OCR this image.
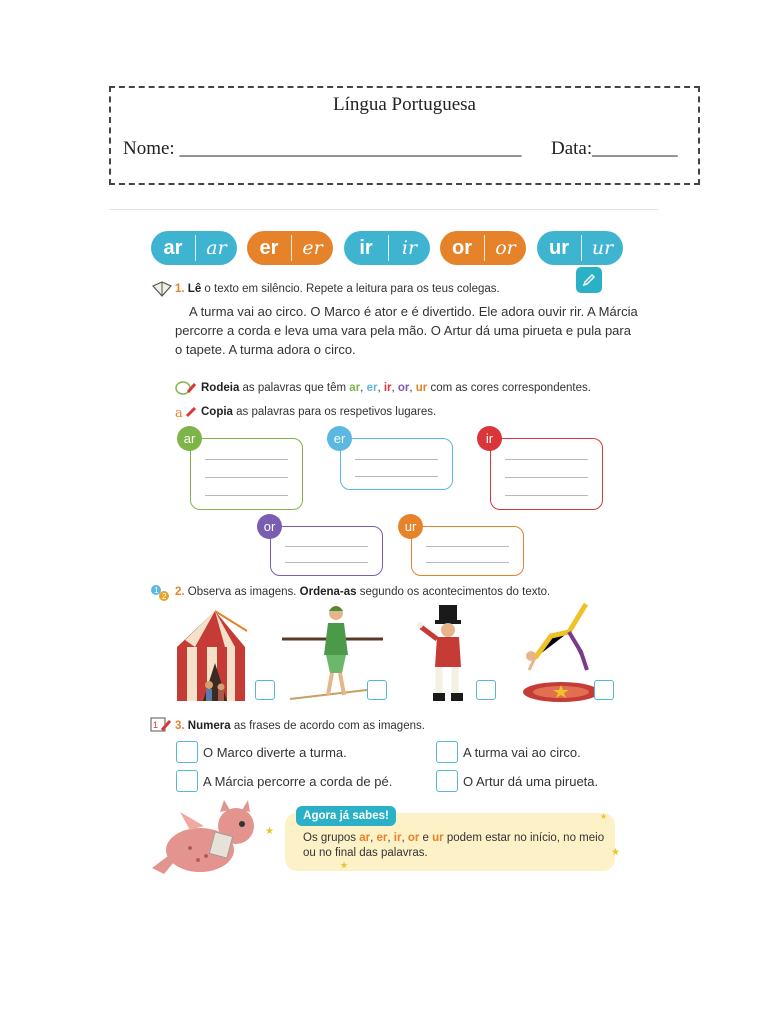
Língua Portuguesa
Nome: ____________________________________ Data:_________
ar	ar	er	er	ir	ir	or	or	ur	ur
1. Lê o texto em silêncio. Repete a leitura para os teus colegas.
A turma vai ao circo. O Marco é ator e é divertido. Ele adora ouvir rir. A Márcia
percorre a corda e leva uma vara pela mão. O Artur dá uma pirueta e pula para
o tapete. A turma adora o circo.
Rodeia as palavras que têm ar, er, ir, or, ur com as cores correspondentes.
a Copia as palavras para os respetivos lugares.
ar	er	ir
or	ur
1
2 2. Observa as imagens. Ordena-as segundo os acontecimentos do texto.
1 3. Numera as frases de acordo com as imagens.
O Marco diverte a turma.	A turma vai ao circo.
A Márcia percorre a corda de pé.	O Artur dá uma pirueta.
Agora já sabes!
★
★
★
★
Os grupos ar, er, ir, or e ur podem estar no início, no meio
ou no final das palavras.
